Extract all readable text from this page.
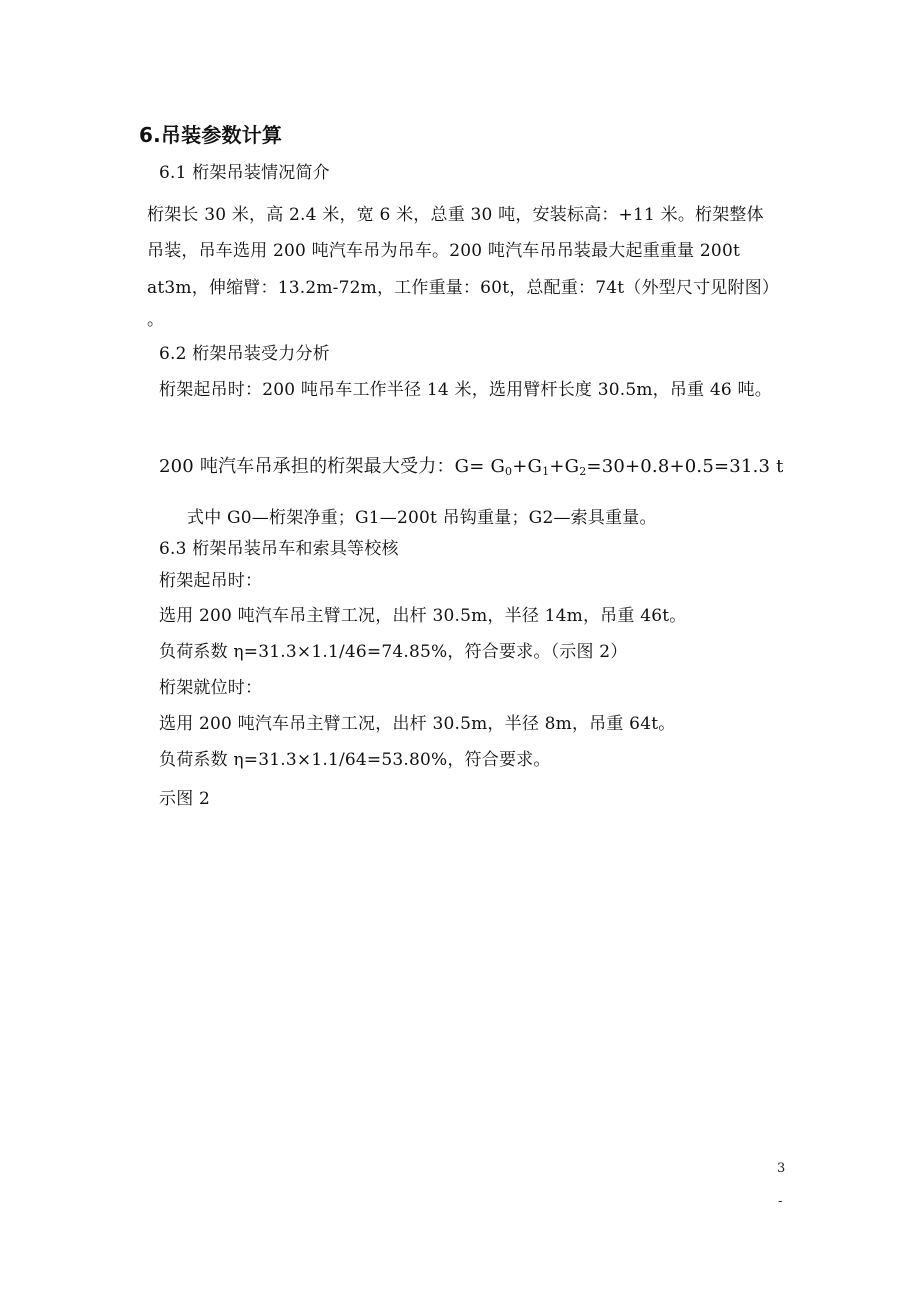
6.吊装参数计算
6.1 桁架吊装情况简介
桁架长 30 米，高 2.4 米，宽 6 米，总重 30 吨，安装标高：+11 米。桁架整体
吊装，吊车选用 200 吨汽车吊为吊车。200 吨汽车吊吊装最大起重重量 200t
at3m，伸缩臂：13.2m-72m，工作重量：60t，总配重：74t（外型尺寸见附图）
。
6.2 桁架吊装受力分析
桁架起吊时：200 吨吊车工作半径 14 米，选用臂杆长度 30.5m，吊重 46 吨。
200 吨汽车吊承担的桁架最大受力：$G= G_0+G_1+G_2=30+0.8+0.5=31.3$ t
式中 G0—桁架净重；G1—200t 吊钩重量；G2—索具重量。
6.3 桁架吊装吊车和索具等校核
桁架起吊时：
选用 200 吨汽车吊主臂工况，出杆 30.5m，半径 14m，吊重 46t。
负荷系数 η=31.3×1.1/46=74.85%，符合要求。（示图 2）
桁架就位时：
选用 200 吨汽车吊主臂工况，出杆 30.5m，半径 8m，吊重 64t。
负荷系数 η=31.3×1.1/64=53.80%，符合要求。
示图 2
3
-
